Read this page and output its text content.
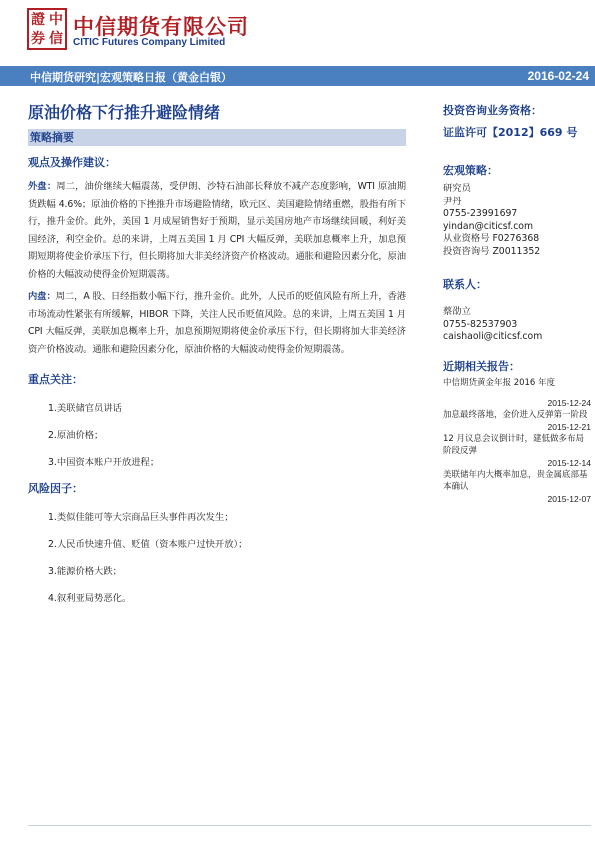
證 中
券 信 中信期货有限公司
CITIC Futures Company Limited
中信期货研究|宏观策略日报（黄金白银）	2016-02-24
原油价格下行推升避险情绪
策略摘要
观点及操作建议：
外盘：周二，油价继续大幅震荡，受伊朗、沙特石油部长释放不减产态度影响，WTI 原油期货跌幅 4.6%；原油价格的下挫推升市场避险情绪，欧元区、美国避险情绪重燃，股指有所下行，推升金价。此外，美国 1 月成屋销售好于预期，显示美国房地产市场继续回暖，利好美国经济，利空金价。总的来讲，上周五美国 1 月 CPI 大幅反弹，美联加息概率上升，加息预期短期将使金价承压下行，但长期将加大非美经济资产价格波动。通胀和避险因素分化，原油价格的大幅波动使得金价短期震荡。
内盘：周二，A 股、日经指数小幅下行，推升金价。此外，人民币的贬值风险有所上升，香港市场流动性紧张有所缓解，HIBOR 下降，关注人民币贬值风险。总的来讲，上周五美国 1 月 CPI 大幅反弹，美联加息概率上升，加息预期短期将使金价承压下行，但长期将加大非美经济资产价格波动。通胀和避险因素分化，原油价格的大幅波动使得金价短期震荡。
重点关注：
1.美联储官员讲话
2.原油价格；
3.中国资本账户开放进程；
风险因子：
1.类似佳能可等大宗商品巨头事件再次发生；
2.人民币快速升值、贬值（资本账户过快开放）；
3.能源价格大跌；
4.叙利亚局势恶化。
投资咨询业务资格：
证监许可【2012】669 号
宏观策略：
研究员
尹丹
0755-23991697
yindan@citicsf.com
从业资格号 F0276368
投资咨询号 Z0011352
联系人：
蔡劭立
0755-82537903
caishaoli@citicsf.com
近期相关报告：
中信期货黄金年报 2016 年度
2015-12-24
加息最终落地，金价进入反弹第一阶段
2015-12-21
12 月议息会议倒计时，建低做多布局阶段反弹
2015-12-14
美联储年内大概率加息，贵金属底部基本确认
2015-12-07
